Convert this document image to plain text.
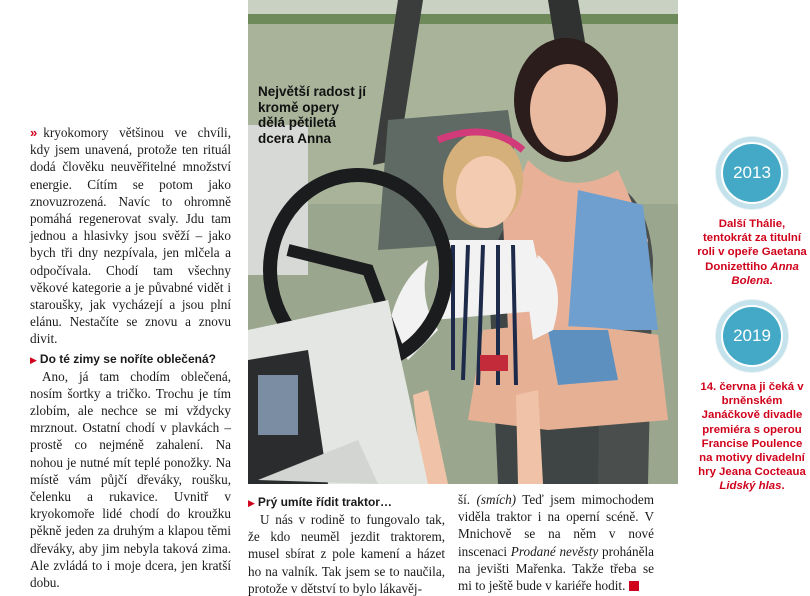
» kryokomory většinou ve chvíli, kdy jsem unavená, protože ten rituál dodá člověku neuvěřitelné množství energie. Cítím se potom jako znovuzrozená. Navíc to ohromně pomáhá regenerovat svaly. Jdu tam jednou a hlasivky jsou svěží – jako bych tři dny nezpívala, jen mlčela a odpočívala. Chodí tam všechny věkové kategorie a je půvabné vidět i staroušky, jak vycházejí a jsou plní elánu. Nestačíte se znovu a znovu divit.

▶ Do té zimy se noříte oblečená?

Ano, já tam chodím oblečená, nosím šortky a tričko. Trochu je tím zlobím, ale nechce se mi vždycky mrznout. Ostatní chodí v plavkách – prostě co nejméně zahalení. Na nohou je nutné mít teplé ponožky. Na místě vám půjčí dřeváky, roušku, čelenku a rukavice. Uvnitř v kryokomoře lidé chodí do kroužku pěkně jeden za druhým a klapou těmi dřeváky, aby jim nebyla taková zima. Ale zvládá to i moje dcera, jen kratší dobu.

Největší radost jí kromě opery dělá pětiletá dcera Anna

▶ Prý umíte řídit traktor…

U nás v rodině to fungovalo tak, že kdo neuměl jezdit traktorem, musel sbírat z pole kamení a házet ho na valník. Tak jsem se to naučila, protože v dětství to bylo lákavěj-

ší. (smích) Teď jsem mimochodem viděla traktor i na operní scéně. V Mnichově se na něm v nové inscenaci Prodané nevěsty proháněla na jevišti Mařenka. Takže třeba se mi to ještě bude v kariéře hodit.

2013
Další Thálie, tentokrát za titulní roli v opeře Gaetana Donizettiho Anna Bolena.
2019
14. června ji čeká v brněnském Janáčkově divadle premiéra s operou Francise Poulence na motivy divadelní hry Jeana Cocteaua Lidský hlas.
